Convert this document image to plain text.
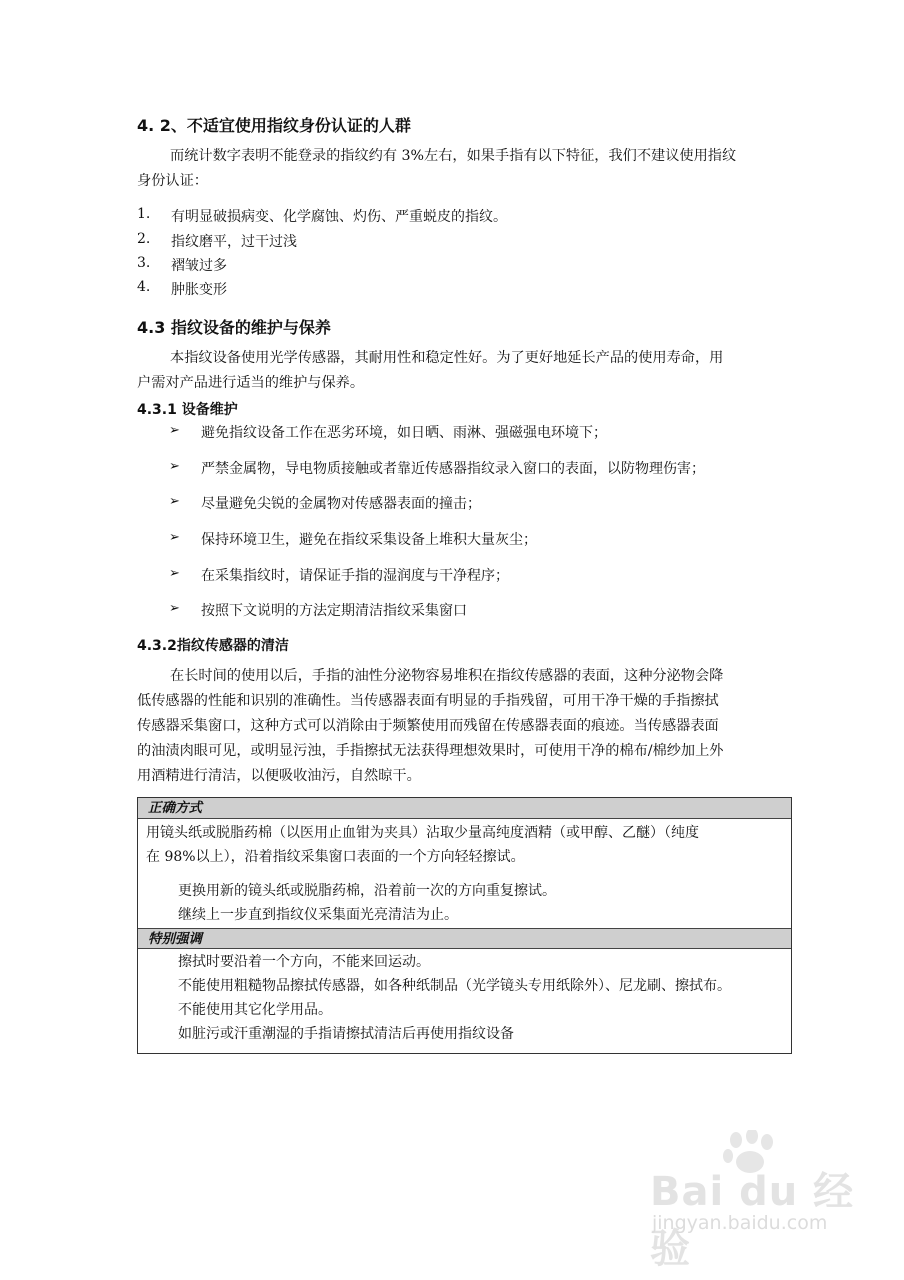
4. 2、不适宜使用指纹身份认证的人群
而统计数字表明不能登录的指纹约有 3%左右，如果手指有以下特征，我们不建议使用指纹
身份认证：
1. 有明显破损病变、化学腐蚀、灼伤、严重蜕皮的指纹。
2. 指纹磨平，过干过浅
3. 褶皱过多
4. 肿胀变形
4.3 指纹设备的维护与保养
本指纹设备使用光学传感器，其耐用性和稳定性好。为了更好地延长产品的使用寿命，用
户需对产品进行适当的维护与保养。
4.3.1 设备维护
➢ 避免指纹设备工作在恶劣环境，如日晒、雨淋、强磁强电环境下；
➢ 严禁金属物，导电物质接触或者靠近传感器指纹录入窗口的表面，以防物理伤害；
➢ 尽量避免尖锐的金属物对传感器表面的撞击；
➢ 保持环境卫生，避免在指纹采集设备上堆积大量灰尘；
➢ 在采集指纹时，请保证手指的湿润度与干净程序；
➢ 按照下文说明的方法定期清洁指纹采集窗口
4.3.2指纹传感器的清洁
在长时间的使用以后，手指的油性分泌物容易堆积在指纹传感器的表面，这种分泌物会降
低传感器的性能和识别的准确性。当传感器表面有明显的手指残留，可用干净干燥的手指擦拭
传感器采集窗口，这种方式可以消除由于频繁使用而残留在传感器表面的痕迹。当传感器表面
的油渍肉眼可见，或明显污浊，手指擦拭无法获得理想效果时，可使用干净的棉布/棉纱加上外
用酒精进行清洁，以便吸收油污，自然晾干。
正确方式
用镜头纸或脱脂药棉（以医用止血钳为夹具）沾取少量高纯度酒精（或甲醇、乙醚）（纯度
在 98%以上），沿着指纹采集窗口表面的一个方向轻轻擦试。
更换用新的镜头纸或脱脂药棉，沿着前一次的方向重复擦试。
继续上一步直到指纹仪采集面光亮清洁为止。
特别强调
擦拭时要沿着一个方向，不能来回运动。
不能使用粗糙物品擦拭传感器，如各种纸制品（光学镜头专用纸除外）、尼龙刷、擦拭布。
不能使用其它化学用品。
如脏污或汗重潮湿的手指请擦拭清洁后再使用指纹设备
Bai du 经验
jingyan.baidu.com
